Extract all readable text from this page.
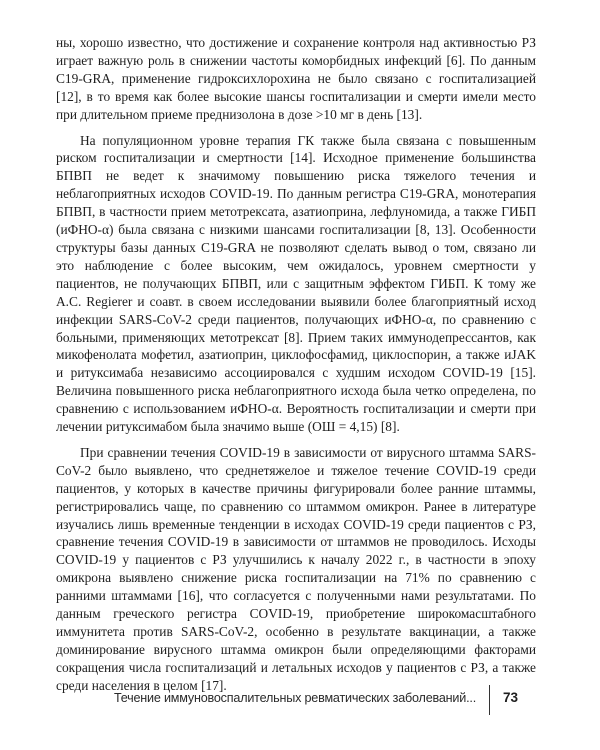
ны, хорошо известно, что достижение и сохранение контроля над активностью РЗ играет важную роль в снижении частоты коморбидных инфекций [6]. По данным C19-GRA, применение гидроксихлорохина не было связано с госпитализацией [12], в то время как более высокие шансы госпитализации и смерти имели место при длительном приеме преднизолона в дозе >10 мг в день [13].

На популяционном уровне терапия ГК также была связана с повышенным риском госпитализации и смертности [14]. Исходное применение большинства БПВП не ведет к значимому повышению риска тяжелого течения и неблагоприятных исходов COVID-19. По данным регистра C19-GRA, монотерапия БПВП, в частности прием метотрексата, азатиоприна, лефлуномида, а также ГИБП (иФНО-α) была связана с низкими шансами госпитализации [8, 13]. Особенности структуры базы данных C19-GRA не позволяют сделать вывод о том, связано ли это наблюдение с более высоким, чем ожидалось, уровнем смертности у пациентов, не получающих БПВП, или с защитным эффектом ГИБП. К тому же A.C. Regierer и соавт. в своем исследовании выявили более благоприятный исход инфекции SARS-CoV-2 среди пациентов, получающих иФНО-α, по сравнению с больными, применяющих метотрексат [8]. Прием таких иммунодепрессантов, как микофенолата мофетил, азатиоприн, циклофосфамид, циклоспорин, а также иJAK и ритуксимаба независимо ассоциировался с худшим исходом COVID-19 [15]. Величина повышенного риска неблагоприятного исхода была четко определена, по сравнению с использованием иФНО-α. Вероятность госпитализации и смерти при лечении ритуксимабом была значимо выше (ОШ = 4,15) [8].

При сравнении течения COVID-19 в зависимости от вирусного штамма SARS-CoV-2 было выявлено, что среднетяжелое и тяжелое течение COVID-19 среди пациентов, у которых в качестве причины фигурировали более ранние штаммы, регистрировались чаще, по сравнению со штаммом омикрон. Ранее в литературе изучались лишь временные тенденции в исходах COVID-19 среди пациентов с РЗ, сравнение течения COVID-19 в зависимости от штаммов не проводилось. Исходы COVID-19 у пациентов с РЗ улучшились к началу 2022 г., в частности в эпоху омикрона выявлено снижение риска госпитализации на 71% по сравнению с ранними штаммами [16], что согласуется с полученными нами результатами. По данным греческого регистра COVID-19, приобретение широкомасштабного иммунитета против SARS-CoV-2, особенно в результате вакцинации, а также доминирование вирусного штамма омикрон были определяющими факторами сокращения числа госпитализаций и летальных исходов у пациентов с РЗ, а также среди населения в целом [17].

Течение иммуновоспалительных ревматических заболеваний... 73
